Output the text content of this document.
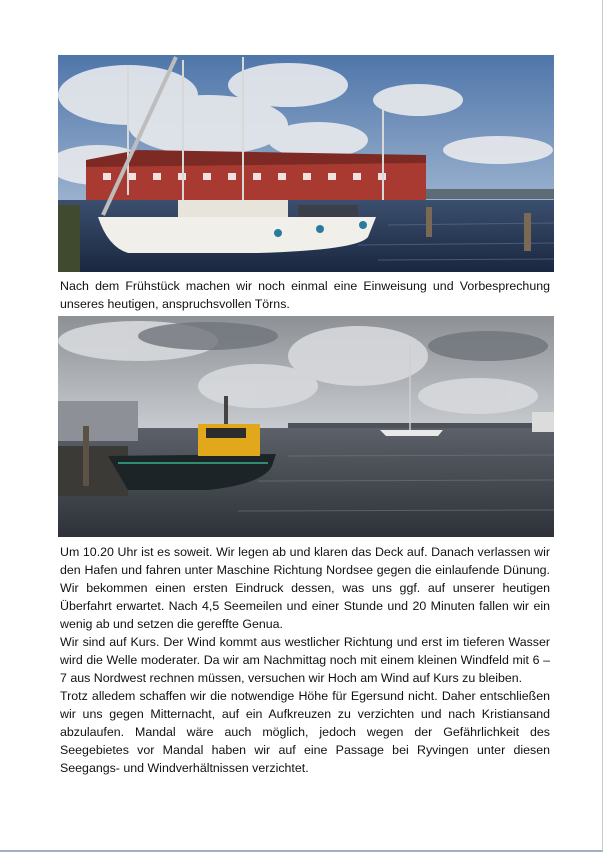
Nach dem Frühstück machen wir noch einmal eine Einweisung und Vorbesprechung unseres heutigen, anspruchsvollen Törns.

Um 10.20 Uhr ist es soweit. Wir legen ab und klaren das Deck auf. Danach verlassen wir den Hafen und fahren unter Maschine Richtung Nordsee gegen die einlaufende Dünung. Wir bekommen einen ersten Eindruck dessen, was uns ggf. auf unserer heutigen Überfahrt erwartet. Nach 4,5 Seemeilen und einer Stunde und 20 Minuten fallen wir ein wenig ab und setzen die gereffte Genua.

Wir sind auf Kurs. Der Wind kommt aus westlicher Richtung und erst im tieferen Wasser wird die Welle moderater. Da wir am Nachmittag noch mit einem kleinen Windfeld mit 6 – 7 aus Nordwest rechnen müssen, versuchen wir Hoch am Wind auf Kurs zu bleiben.

Trotz alledem schaffen wir die notwendige Höhe für Egersund nicht. Daher entschließen wir uns gegen Mitternacht, auf ein Aufkreuzen zu verzichten und nach Kristiansand abzulaufen. Mandal wäre auch möglich, jedoch wegen der Gefährlichkeit des Seegebietes vor Mandal haben wir auf eine Passage bei Ryvingen unter diesen Seegangs- und Windverhältnissen verzichtet.
